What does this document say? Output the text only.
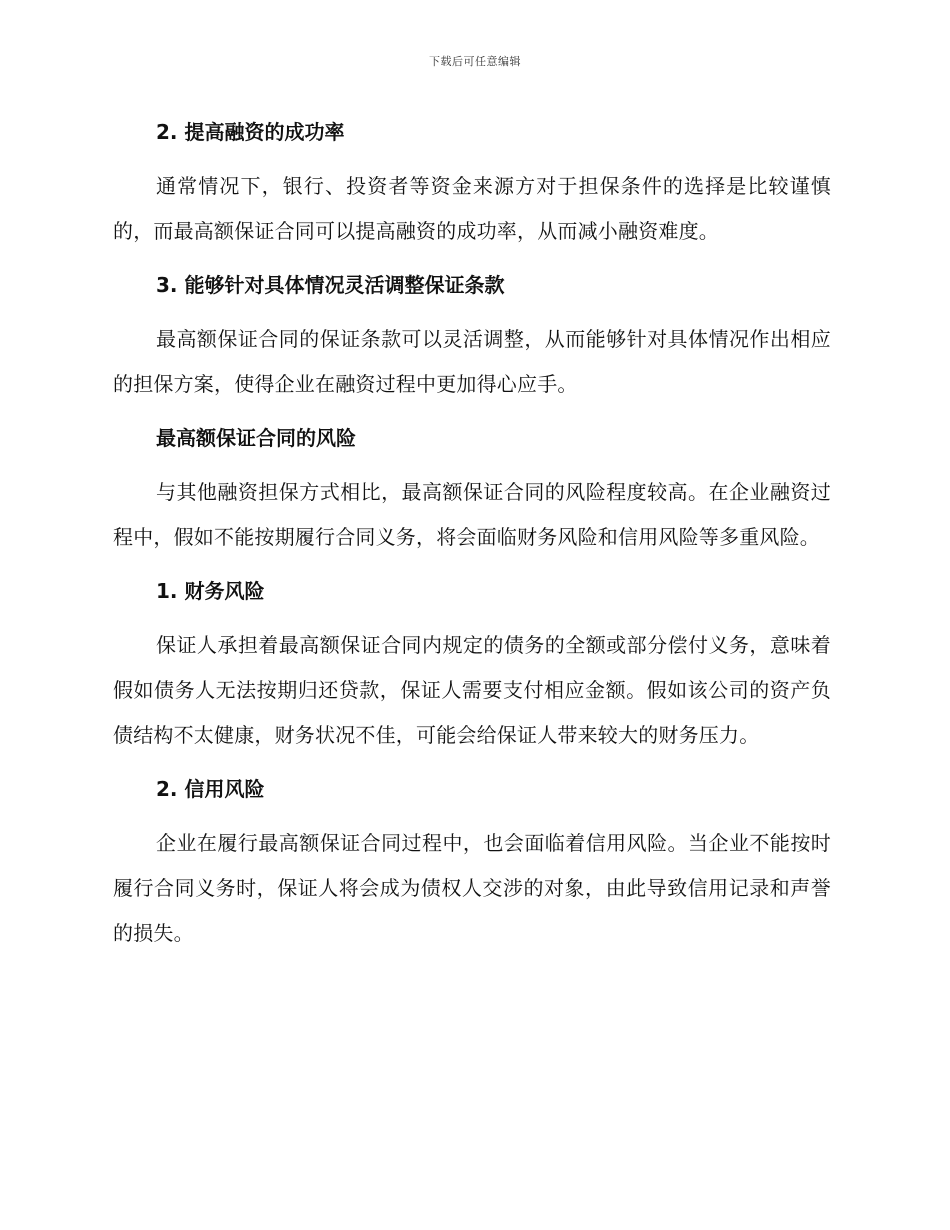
下载后可任意编辑
2. 提高融资的成功率

通常情况下，银行、投资者等资金来源方对于担保条件的选择是比较谨慎的，而最高额保证合同可以提高融资的成功率，从而减小融资难度。

3. 能够针对具体情况灵活调整保证条款

最高额保证合同的保证条款可以灵活调整，从而能够针对具体情况作出相应的担保方案，使得企业在融资过程中更加得心应手。

最高额保证合同的风险

与其他融资担保方式相比，最高额保证合同的风险程度较高。在企业融资过程中，假如不能按期履行合同义务，将会面临财务风险和信用风险等多重风险。

1. 财务风险

保证人承担着最高额保证合同内规定的债务的全额或部分偿付义务，意味着假如债务人无法按期归还贷款，保证人需要支付相应金额。假如该公司的资产负债结构不太健康，财务状况不佳，可能会给保证人带来较大的财务压力。

2. 信用风险

企业在履行最高额保证合同过程中，也会面临着信用风险。当企业不能按时履行合同义务时，保证人将会成为债权人交涉的对象，由此导致信用记录和声誉的损失。
